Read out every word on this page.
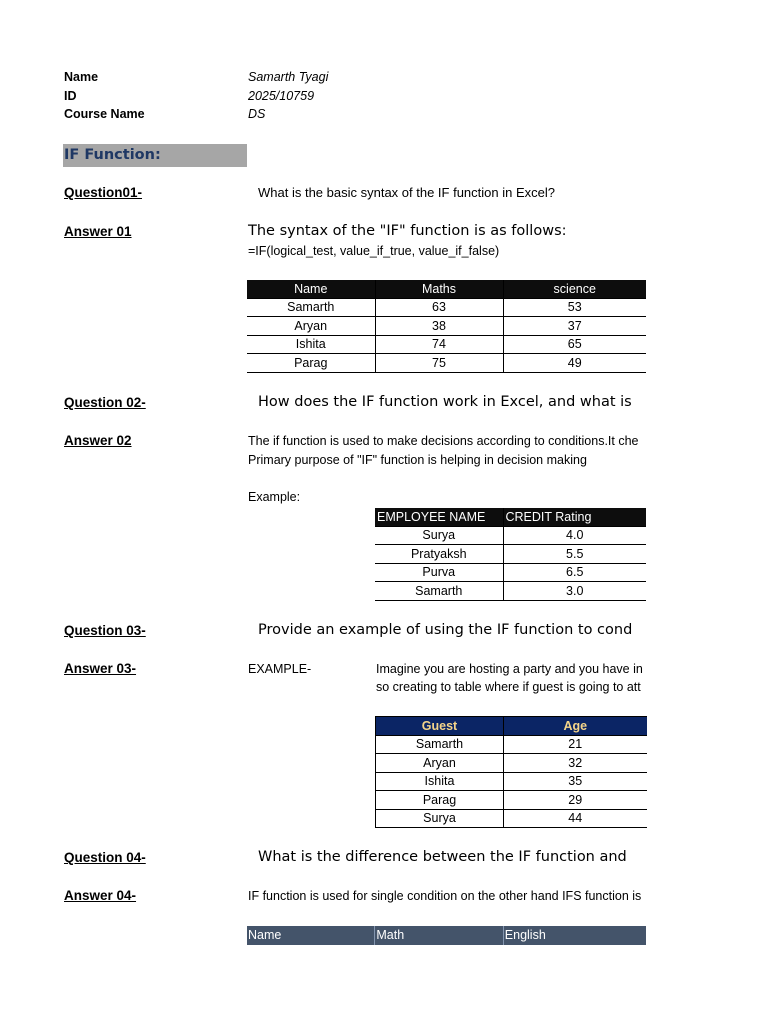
Name	Samarth Tyagi
ID	2025/10759
Course Name	DS
IF Function:
Question01-	What is the basic syntax of the IF function in Excel?
Answer 01	The syntax of the "IF" function is as follows:
=IF(logical_test, value_if_true, value_if_false)
Name	Maths	science
Samarth	63	53
Aryan	38	37
Ishita	74	65
Parag	75	49
Question 02-	How does the IF function work in Excel, and what is
Answer 02	The if function is used to make decisions according to conditions.It che
Primary purpose of "IF" function is helping in decision making
Example:
EMPLOYEE NAME	CREDIT Rating
Surya	4.0
Pratyaksh	5.5
Purva	6.5
Samarth	3.0
Question 03-	Provide an example of using the IF function to cond
Answer 03-	EXAMPLE-	Imagine you are hosting a party and you have in
so creating to table where if guest is going to att
Guest	Age
Samarth	21
Aryan	32
Ishita	35
Parag	29
Surya	44
Question 04-	What is the difference between the IF function and
Answer 04-	IF function is used for single condition on the other hand IFS function is
Name	Math	English
